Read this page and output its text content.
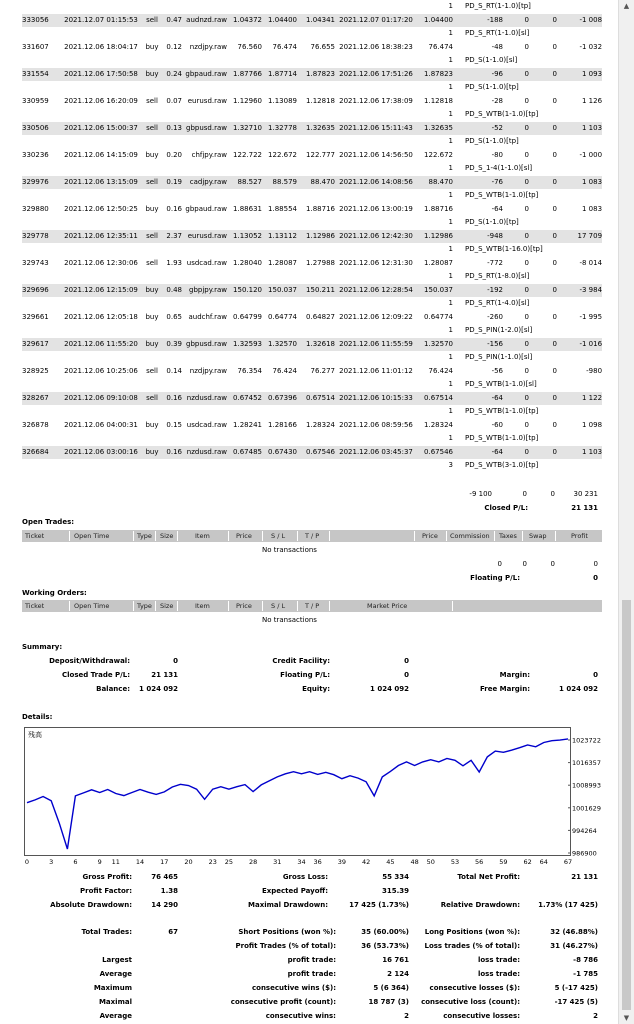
									1	PD_S_RT(1-1.0)[tp]			
333056	2021.12.07 01:15:53	sell	0.47	audnzd.raw	1.04372	1.04400	1.04341	2021.12.07 01:17:20	1.04400	-188	0	0	-1 008
									1	PD_S_RT(1-1.0)[sl]			
331607	2021.12.06 18:04:17	buy	0.12	nzdjpy.raw	76.560	76.474	76.655	2021.12.06 18:38:23	76.474	-48	0	0	-1 032
									1	PD_S(1-1.0)[sl]			
331554	2021.12.06 17:50:58	buy	0.24	gbpaud.raw	1.87766	1.87714	1.87823	2021.12.06 17:51:26	1.87823	-96	0	0	1 093
									1	PD_S(1-1.0)[tp]			
330959	2021.12.06 16:20:09	sell	0.07	eurusd.raw	1.12960	1.13089	1.12818	2021.12.06 17:38:09	1.12818	-28	0	0	1 126
									1	PD_S_WTB(1-1.0)[tp]			
330506	2021.12.06 15:00:37	sell	0.13	gbpusd.raw	1.32710	1.32778	1.32635	2021.12.06 15:11:43	1.32635	-52	0	0	1 103
									1	PD_S(1-1.0)[tp]			
330236	2021.12.06 14:15:09	buy	0.20	chfjpy.raw	122.722	122.672	122.777	2021.12.06 14:56:50	122.672	-80	0	0	-1 000
									1	PD_S_1-4(1-1.0)[sl]			
329976	2021.12.06 13:15:09	sell	0.19	cadjpy.raw	88.527	88.579	88.470	2021.12.06 14:08:56	88.470	-76	0	0	1 083
									1	PD_S_WTB(1-1.0)[tp]			
329880	2021.12.06 12:50:25	buy	0.16	gbpaud.raw	1.88631	1.88554	1.88716	2021.12.06 13:00:19	1.88716	-64	0	0	1 083
									1	PD_S(1-1.0)[tp]			
329778	2021.12.06 12:35:11	sell	2.37	eurusd.raw	1.13052	1.13112	1.12986	2021.12.06 12:42:30	1.12986	-948	0	0	17 709
									1	PD_S_WTB(1-16.0)[tp]			
329743	2021.12.06 12:30:06	sell	1.93	usdcad.raw	1.28040	1.28087	1.27988	2021.12.06 12:31:30	1.28087	-772	0	0	-8 014
									1	PD_S_RT(1-8.0)[sl]			
329696	2021.12.06 12:15:09	buy	0.48	gbpjpy.raw	150.120	150.037	150.211	2021.12.06 12:28:54	150.037	-192	0	0	-3 984
									1	PD_S_RT(1-4.0)[sl]			
329661	2021.12.06 12:05:18	buy	0.65	audchf.raw	0.64799	0.64774	0.64827	2021.12.06 12:09:22	0.64774	-260	0	0	-1 995
									1	PD_S_PIN(1-2.0)[sl]			
329617	2021.12.06 11:55:20	buy	0.39	gbpusd.raw	1.32593	1.32570	1.32618	2021.12.06 11:55:59	1.32570	-156	0	0	-1 016
									1	PD_S_PIN(1-1.0)[sl]			
328925	2021.12.06 10:25:06	sell	0.14	nzdjpy.raw	76.354	76.424	76.277	2021.12.06 11:01:12	76.424	-56	0	0	-980
									1	PD_S_WTB(1-1.0)[sl]			
328267	2021.12.06 09:10:08	sell	0.16	nzdusd.raw	0.67452	0.67396	0.67514	2021.12.06 10:15:33	0.67514	-64	0	0	1 122
									1	PD_S_WTB(1-1.0)[tp]			
326878	2021.12.06 04:00:31	buy	0.15	usdcad.raw	1.28241	1.28166	1.28324	2021.12.06 08:59:56	1.28324	-60	0	0	1 098
									1	PD_S_WTB(1-1.0)[tp]			
326684	2021.12.06 03:00:16	buy	0.16	nzdusd.raw	0.67485	0.67430	0.67546	2021.12.06 03:45:37	0.67546	-64	0	0	1 103
									3	PD_S_WTB(3-1.0)[tp]			
-9 100	0	0	30 231
Closed P/L:	21 131
Open Trades:
Ticket	Open Time	Type Size	Item	Price	S / L	T / P	Price Commission Taxes Swap	Profit
No transactions
0	0	0	0
Floating P/L:	0
Working Orders:
Ticket	Open Time	Type Size	Item	Price	S / L	T / P	Market Price
No transactions
Summary:
Deposit/Withdrawal:	0	Credit Facility:	0
Closed Trade P/L:	21 131	Floating P/L:	0	Margin:	0
Balance:	1 024 092	Equity:	1 024 092	Free Margin:	1 024 092
Details:
残高
1023722
1016357
1008993
1001629
994264
986900
0	3	6	9 11 14 17 20 23 25 28 31 34 36 39 42 45 48 50 53 56 59 62 64 67
Gross Profit:	76 465	Gross Loss:	55 334	Total Net Profit:	21 131
Profit Factor:	1.38	Expected Payoff:	315.39
Absolute Drawdown:	14 290	Maximal Drawdown:	17 425 (1.73%)	Relative Drawdown:	1.73% (17 425)
Total Trades:	67	Short Positions (won %):	35 (60.00%)	Long Positions (won %):	32 (46.88%)
Profit Trades (% of total):	36 (53.73%)	Loss trades (% of total):	31 (46.27%)
Largest	profit trade:	16 761	loss trade:	-8 786
Average	profit trade:	2 124	loss trade:	-1 785
Maximum	consecutive wins ($):	5 (6 364)	consecutive losses ($):	5 (-17 425)
Maximal	consecutive profit (count):	18 787 (3)	consecutive loss (count):	-17 425 (5)
Average	consecutive wins:	2	consecutive losses:	2
▲
▼
